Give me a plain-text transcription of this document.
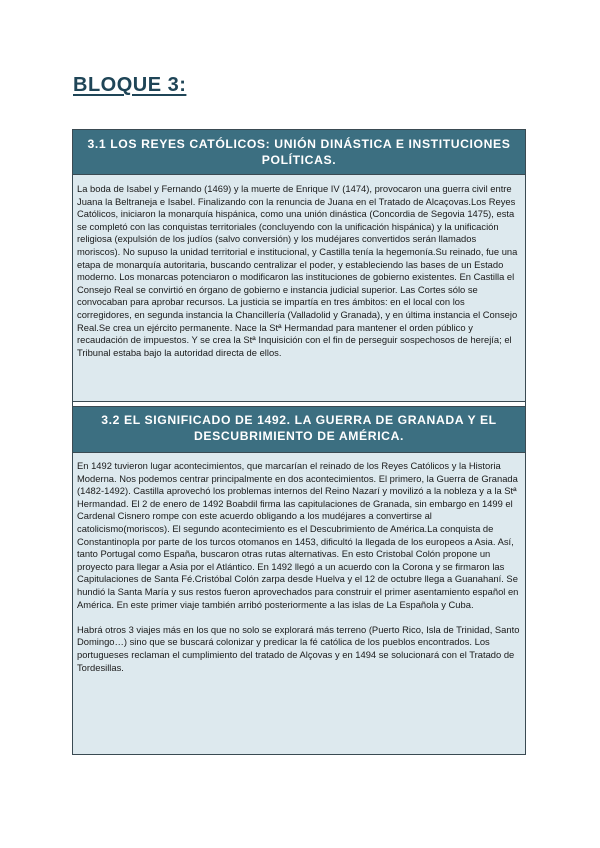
BLOQUE 3:
3.1 LOS REYES CATÓLICOS: UNIÓN DINÁSTICA E INSTITUCIONES POLÍTICAS.

La boda de Isabel y Fernando (1469) y la muerte de Enrique IV (1474), provocaron una guerra civil entre Juana la Beltraneja e Isabel. Finalizando con la renuncia de Juana en el Tratado de Alcaçovas.Los Reyes Católicos, iniciaron la monarquía hispánica, como una unión dinástica (Concordia de Segovia 1475), esta se completó con las conquistas territoriales (concluyendo con la unificación hispánica) y la unificación religiosa (expulsión de los judíos (salvo conversión) y los mudéjares convertidos serán llamados moriscos). No supuso la unidad territorial e institucional, y Castilla tenía la hegemonía.Su reinado, fue una etapa de monarquía autoritaria, buscando centralizar el poder, y estableciendo las bases de un Estado moderno. Los monarcas potenciaron o modificaron las instituciones de gobierno existentes. En Castilla el Consejo Real se convirtió en órgano de gobierno e instancia judicial superior. Las Cortes sólo se convocaban para aprobar recursos. La justicia se impartía en tres ámbitos: en el local con los corregidores, en segunda instancia la Chancillería (Valladolid y Granada), y en última instancia el Consejo Real.Se crea un ejército permanente. Nace la Stª Hermandad para mantener el orden público y recaudación de impuestos. Y se crea la Stª Inquisición con el fin de perseguir sospechosos de herejía; el Tribunal estaba bajo la autoridad directa de ellos.

3.2 EL SIGNIFICADO DE 1492. LA GUERRA DE GRANADA Y EL DESCUBRIMIENTO DE AMÉRICA.

En 1492 tuvieron lugar acontecimientos, que marcarían el reinado de los Reyes Católicos y la Historia Moderna. Nos podemos centrar principalmente en dos acontecimientos. El primero, la Guerra de Granada (1482-1492). Castilla aprovechó los problemas internos del Reino Nazarí y movilizó a la nobleza y a la Stª Hermandad. El 2 de enero de 1492 Boabdil firma las capitulaciones de Granada, sin embargo en 1499 el Cardenal Cisnero rompe con este acuerdo obligando a los mudéjares a convertirse al catolicismo(moriscos). El segundo acontecimiento es el Descubrimiento de América.La conquista de Constantinopla por parte de los turcos otomanos en 1453, dificultó la llegada de los europeos a Asia. Así, tanto Portugal como España, buscaron otras rutas alternativas. En esto Cristobal Colón propone un proyecto para llegar a Asia por el Atlántico. En 1492 llegó a un acuerdo con la Corona y se firmaron las Capitulaciones de Santa Fé.Cristóbal Colón zarpa desde Huelva y el 12 de octubre llega a Guanahaní. Se hundió la Santa María y sus restos fueron aprovechados para construir el primer asentamiento español en América. En este primer viaje también arribó posteriormente a las islas de La Española y Cuba.

Habrá otros 3 viajes más en los que no solo se explorará más terreno (Puerto Rico, Isla de Trinidad, Santo Domingo…) sino que se buscará colonizar y predicar la fé católica de los pueblos encontrados. Los portugueses reclaman el cumplimiento del tratado de Alçovas y en 1494 se solucionará con el Tratado de Tordesillas.
